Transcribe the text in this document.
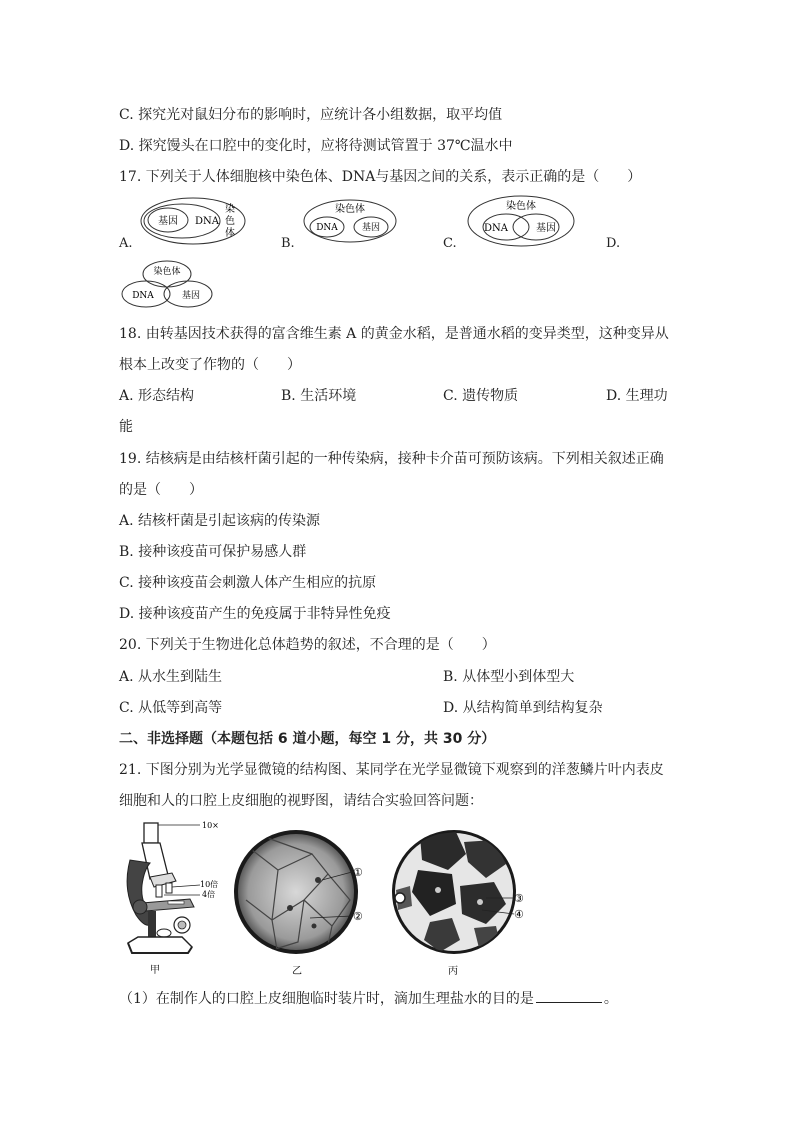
C. 探究光对鼠妇分布的影响时，应统计各小组数据，取平均值
D. 探究馒头在口腔中的变化时，应将待测试管置于 37℃温水中
17. 下列关于人体细胞核中染色体、DNA与基因之间的关系，表示正确的是（　　）
A.	B.	C.	D.
基因 DNA
染
色
体
染色体
DNA	基因
染色体
DNA	基因
染色体
DNA	基因
18. 由转基因技术获得的富含维生素 A 的黄金水稻，是普通水稻的变异类型，这种变异从
根本上改变了作物的（　　）
A. 形态结构	B. 生活环境	C. 遗传物质	D. 生理功
能
19. 结核病是由结核杆菌引起的一种传染病，接种卡介苗可预防该病。下列相关叙述正确
的是（　　）
A. 结核杆菌是引起该病的传染源
B. 接种该疫苗可保护易感人群
C. 接种该疫苗会刺激人体产生相应的抗原
D. 接种该疫苗产生的免疫属于非特异性免疫
20. 下列关于生物进化总体趋势的叙述，不合理的是（　　）
A. 从水生到陆生	B. 从体型小到体型大
C. 从低等到高等	D. 从结构简单到结构复杂
二、非选择题（本题包括 6 道小题，每空 1 分，共 30 分）
21. 下图分别为光学显微镜的结构图、某同学在光学显微镜下观察到的洋葱鳞片叶内表皮
细胞和人的口腔上皮细胞的视野图，请结合实验回答问题：
10×
10倍
4倍
甲
①
②
乙
③
④
丙
（1）在制作人的口腔上皮细胞临时装片时，滴加生理盐水的目的是	。
